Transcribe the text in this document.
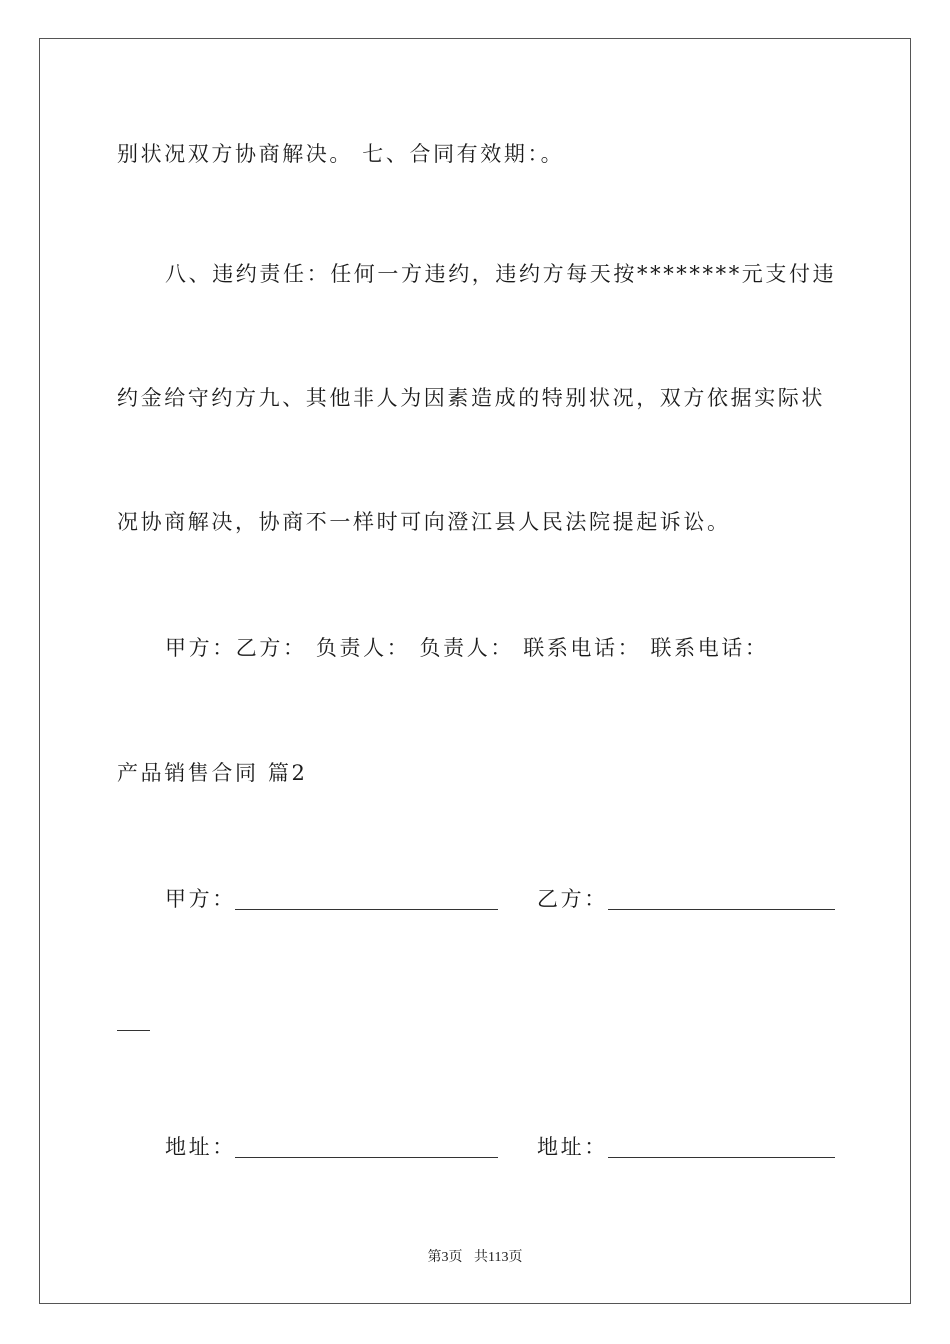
别状况双方协商解决。 七、合同有效期：。
八、违约责任：任何一方违约，违约方每天按********元支付违
约金给守约方九、其他非人为因素造成的特别状况，双方依据实际状
况协商解决，协商不一样时可向澄江县人民法院提起诉讼。
甲方：乙方： 负责人： 负责人： 联系电话： 联系电话：
产品销售合同 篇2
甲方：	乙方：
地址：	地址：
第3页 共113页
